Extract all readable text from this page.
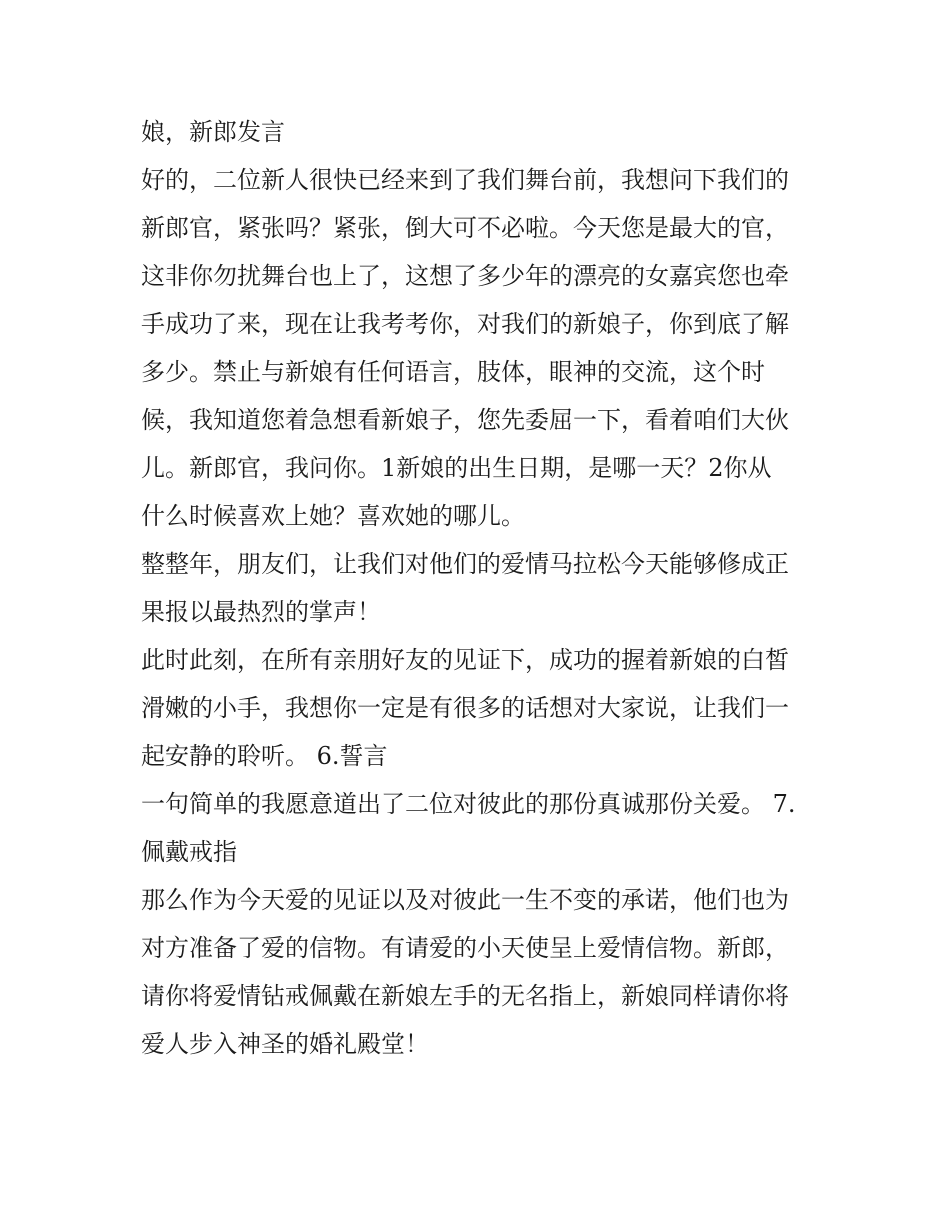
娘，新郎发言
好的，二位新人很快已经来到了我们舞台前，我想问下我们的
新郎官，紧张吗？紧张，倒大可不必啦。今天您是最大的官，
这非你勿扰舞台也上了，这想了多少年的漂亮的女嘉宾您也牵
手成功了来，现在让我考考你，对我们的新娘子，你到底了解
多少。禁止与新娘有任何语言，肢体，眼神的交流，这个时
候，我知道您着急想看新娘子，您先委屈一下，看着咱们大伙
儿。新郎官，我问你。1新娘的出生日期，是哪一天？2你从
什么时候喜欢上她？喜欢她的哪儿。
整整年，朋友们，让我们对他们的爱情马拉松今天能够修成正
果报以最热烈的掌声！
此时此刻，在所有亲朋好友的见证下，成功的握着新娘的白皙
滑嫩的小手，我想你一定是有很多的话想对大家说，让我们一
起安静的聆听。 6.誓言
一句简单的我愿意道出了二位对彼此的那份真诚那份关爱。 7.
佩戴戒指
那么作为今天爱的见证以及对彼此一生不变的承诺，他们也为
对方准备了爱的信物。有请爱的小天使呈上爱情信物。新郎，
请你将爱情钻戒佩戴在新娘左手的无名指上，新娘同样请你将
爱人步入神圣的婚礼殿堂！
